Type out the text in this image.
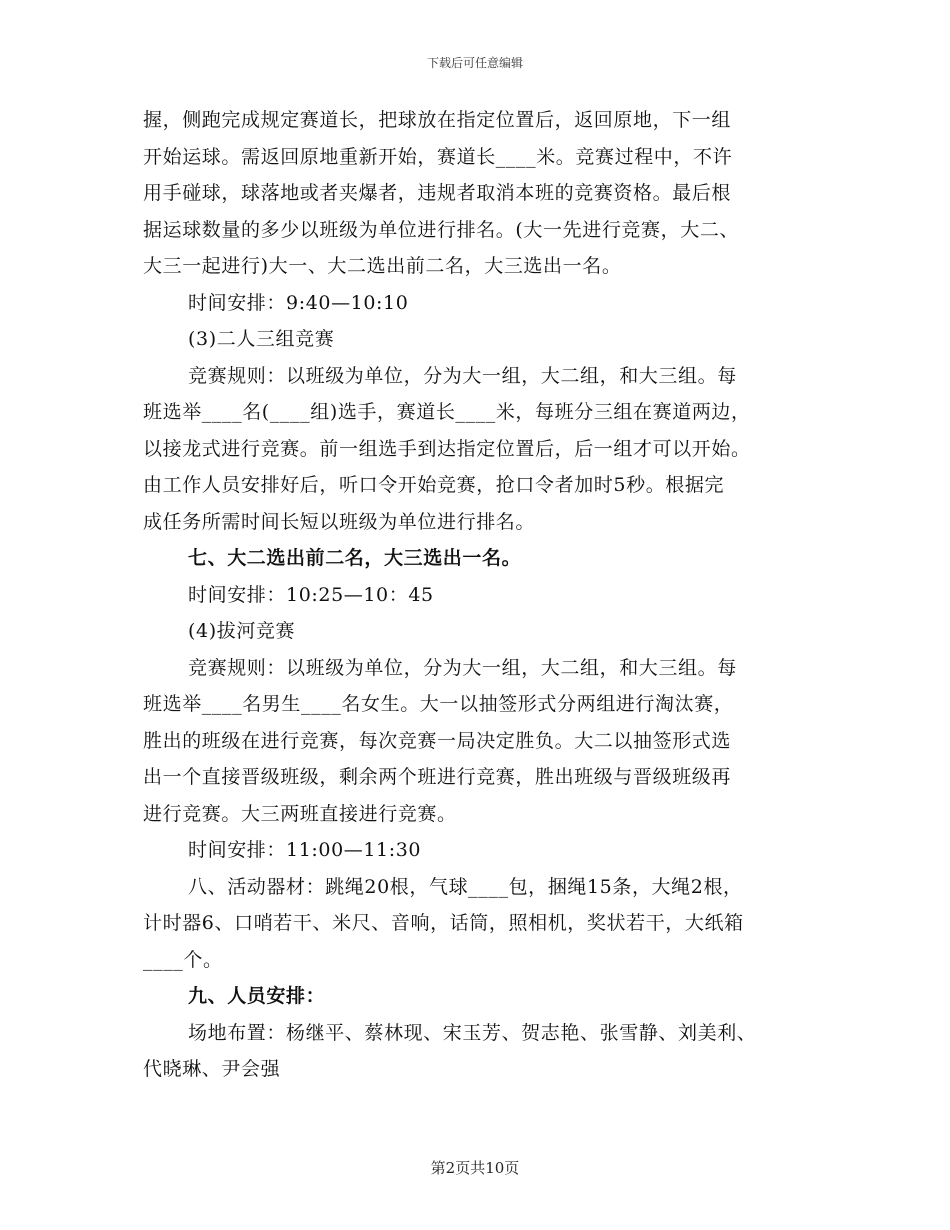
下载后可任意编辑
握，侧跑完成规定赛道长，把球放在指定位置后，返回原地，下一组
开始运球。需返回原地重新开始，赛道长____米。竞赛过程中，不许
用手碰球，球落地或者夹爆者，违规者取消本班的竞赛资格。最后根
据运球数量的多少以班级为单位进行排名。(大一先进行竞赛，大二、
大三一起进行)大一、大二选出前二名，大三选出一名。
时间安排：9:40—10:10
(3)二人三组竞赛
竞赛规则：以班级为单位，分为大一组，大二组，和大三组。每
班选举____名(____组)选手，赛道长____米，每班分三组在赛道两边，
以接龙式进行竞赛。前一组选手到达指定位置后，后一组才可以开始。
由工作人员安排好后，听口令开始竞赛，抢口令者加时5秒。根据完
成任务所需时间长短以班级为单位进行排名。
七、大二选出前二名，大三选出一名。
时间安排：10:25—10：45
(4)拔河竞赛
竞赛规则：以班级为单位，分为大一组，大二组，和大三组。每
班选举____名男生____名女生。大一以抽签形式分两组进行淘汰赛，
胜出的班级在进行竞赛，每次竞赛一局决定胜负。大二以抽签形式选
出一个直接晋级班级，剩余两个班进行竞赛，胜出班级与晋级班级再
进行竞赛。大三两班直接进行竞赛。
时间安排：11:00—11:30
八、活动器材：跳绳20根，气球____包，捆绳15条，大绳2根，
计时器6、口哨若干、米尺、音响，话筒，照相机，奖状若干，大纸箱
____个。
九、人员安排：
场地布置：杨继平、蔡林现、宋玉芳、贺志艳、张雪静、刘美利、
代晓琳、尹会强
第2页共10页
